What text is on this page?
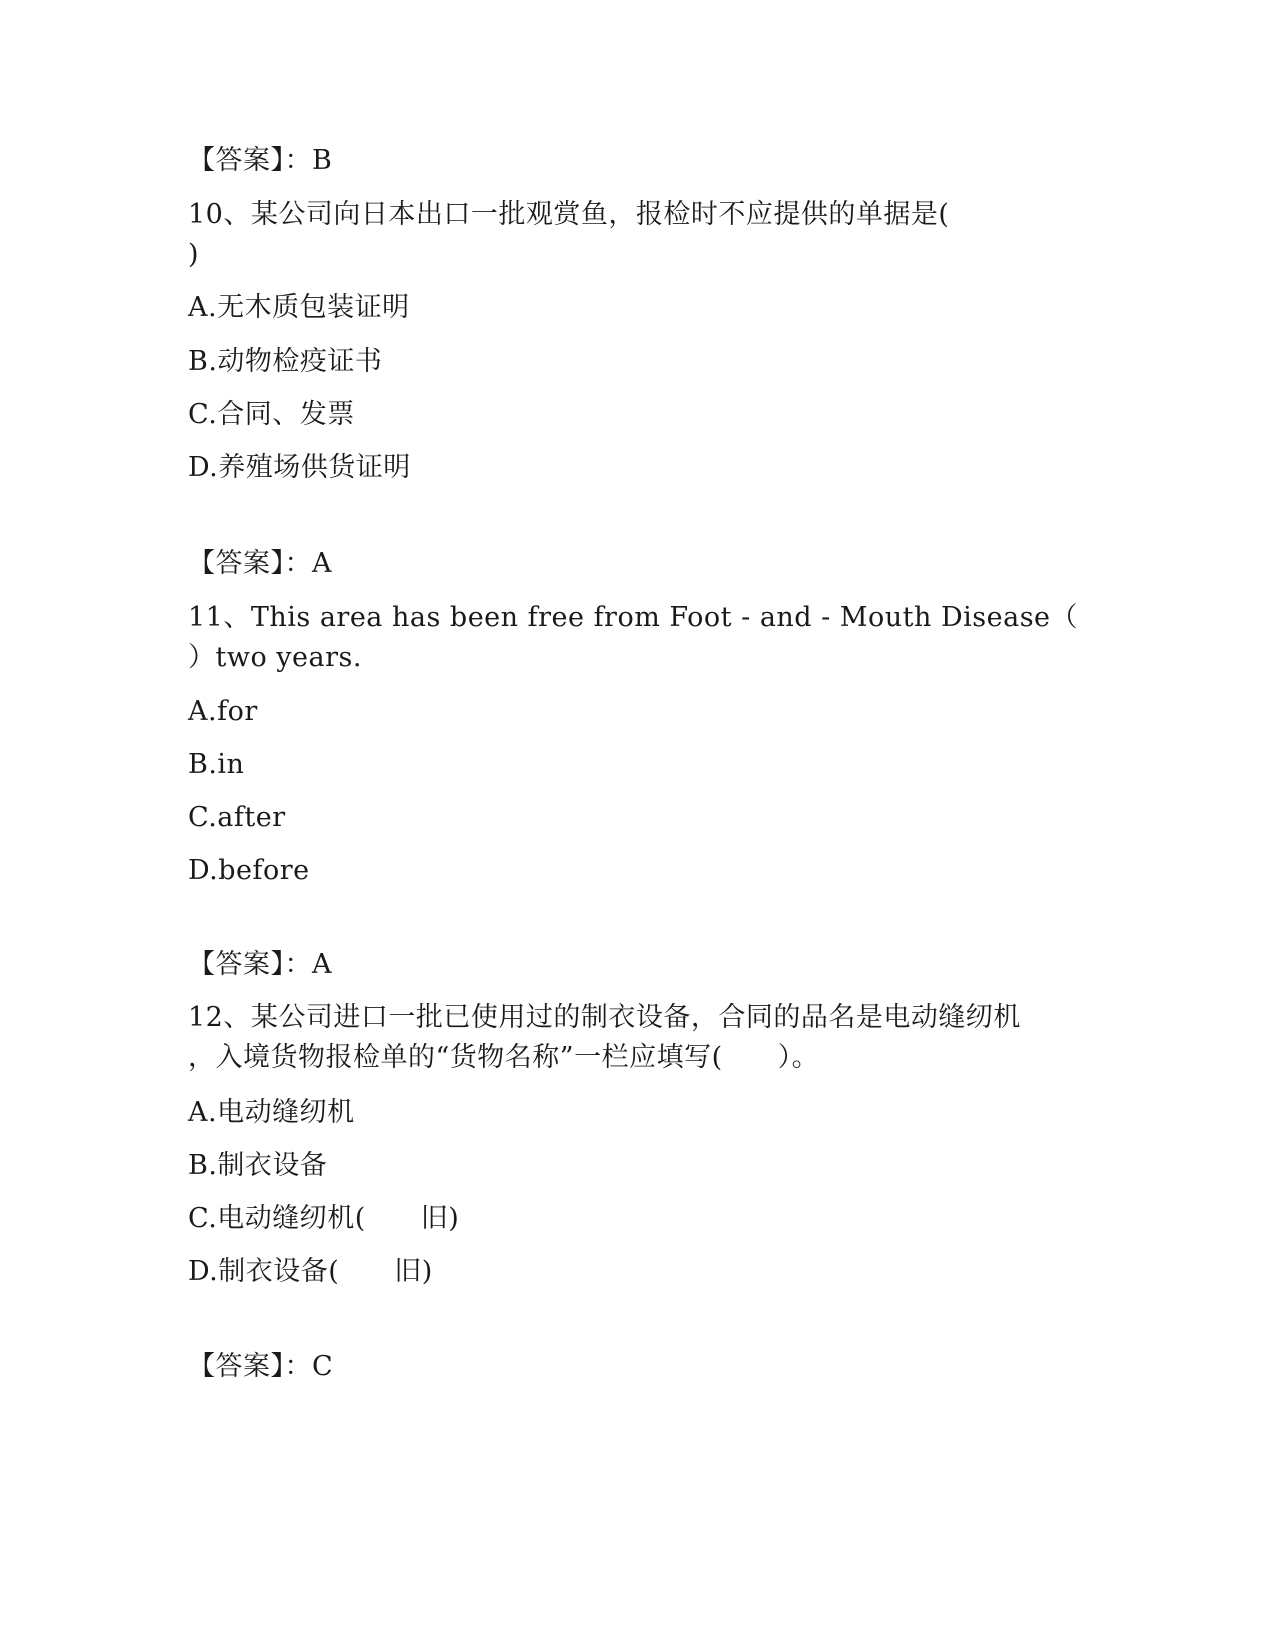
【答案】：B
10、某公司向日本出口一批观赏鱼，报检时不应提供的单据是(
)
A.无木质包装证明
B.动物检疫证书
C.合同、发票
D.养殖场供货证明
【答案】：A
11、This area has been free from Foot - and - Mouth Disease（
）two years.
A.for
B.in
C.after
D.before
【答案】：A
12、某公司进口一批已使用过的制衣设备，合同的品名是电动缝纫机
，入境货物报检单的“货物名称”一栏应填写(　　）。
A.电动缝纫机
B.制衣设备
C.电动缝纫机(　　旧)
D.制衣设备(　　旧)
【答案】：C
